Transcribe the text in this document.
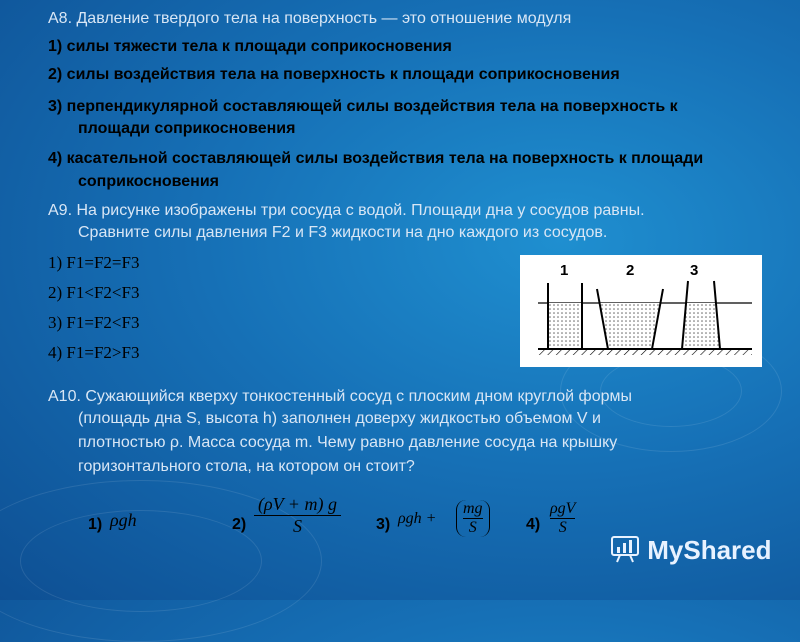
А8. Давление твердого тела на поверхность — это отношение модуля
1) силы тяжести тела к площади соприкосновения
2) силы воздействия тела на поверхность к площади соприкосновения
3) перпендикулярной составляющей силы воздействия тела на поверхность к
площади соприкосновения
4) касательной составляющей силы воздействия тела на поверхность к площади
соприкосновения
А9. На рисунке изображены три сосуда с водой. Площади дна у сосудов равны.
Сравните силы давления F2 и F3 жидкости на дно каждого из сосудов.
1) F1=F2=F3
2) F1<F2<F3
3) F1=F2<F3
4) F1=F2>F3
1	2	3
А10. Сужающийся кверху тонкостенный сосуд с плоским дном круглой формы
(площадь дна S, высота h) заполнен доверху жидкостью объемом V и
плотностью ρ. Масса сосуда m. Чему равно давление сосуда на крышку
горизонтального стола, на котором он стоит?
1) ρgh	$2) \frac{(\rho V + m) g}{S} 3$) $\rho gh + \frac{mg}{S} 4$)
ρgV
S
MyShared
